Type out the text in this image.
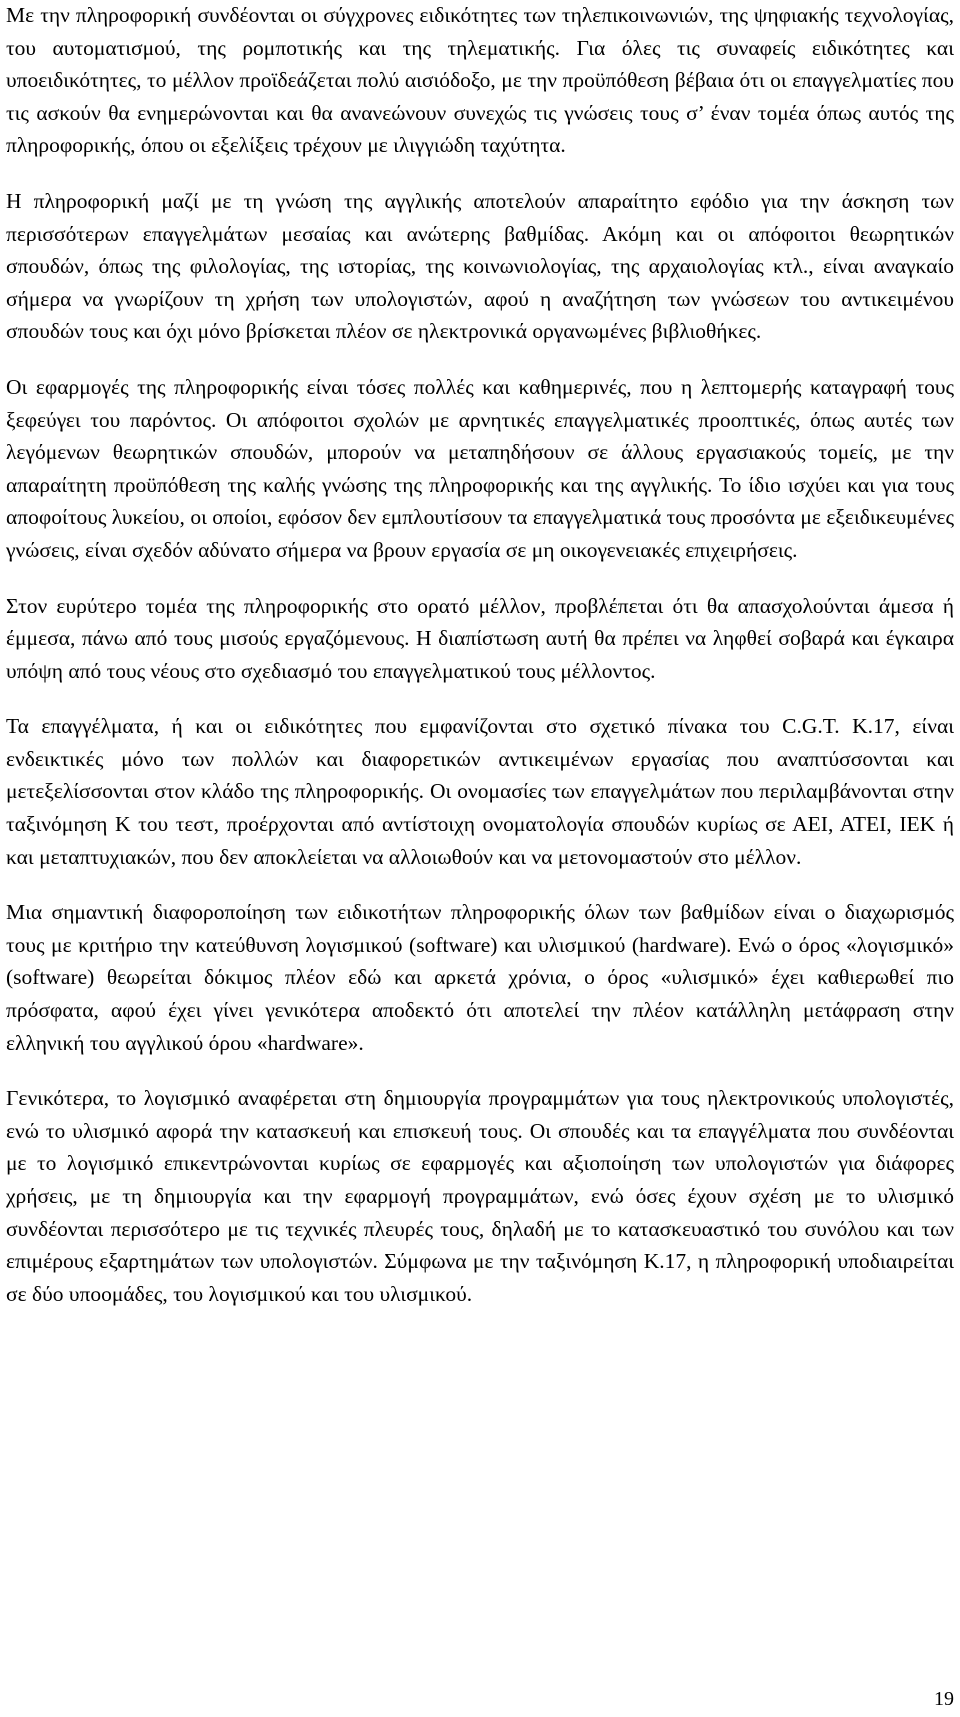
Με την πληροφορική συνδέονται οι σύγχρονες ειδικότητες των τηλεπικοινωνιών, της ψηφιακής τεχνολογίας, του αυτοματισμού, της ρομποτικής και της τηλεματικής. Για όλες τις συναφείς ειδικότητες και υποειδικότητες, το μέλλον προϊδεάζεται πολύ αισιόδοξο, με την προϋπόθεση βέβαια ότι οι επαγγελματίες που τις ασκούν θα ενημερώνονται και θα ανανεώνουν συνεχώς τις γνώσεις τους σ’ έναν τομέα όπως αυτός της πληροφορικής, όπου οι εξελίξεις τρέχουν με ιλιγγιώδη ταχύτητα.

Η πληροφορική μαζί με τη γνώση της αγγλικής αποτελούν απαραίτητο εφόδιο για την άσκηση των περισσότερων επαγγελμάτων μεσαίας και ανώτερης βαθμίδας. Ακόμη και οι απόφοιτοι θεωρητικών σπουδών, όπως της φιλολογίας, της ιστορίας, της κοινωνιολογίας, της αρχαιολογίας κτλ., είναι αναγκαίο σήμερα να γνωρίζουν τη χρήση των υπολογιστών, αφού η αναζήτηση των γνώσεων του αντικειμένου σπουδών τους και όχι μόνο βρίσκεται πλέον σε ηλεκτρονικά οργανωμένες βιβλιοθήκες.

Οι εφαρμογές της πληροφορικής είναι τόσες πολλές και καθημερινές, που η λεπτομερής καταγραφή τους ξεφεύγει του παρόντος. Οι απόφοιτοι σχολών με αρνητικές επαγγελματικές προοπτικές, όπως αυτές των λεγόμενων θεωρητικών σπουδών, μπορούν να μεταπηδήσουν σε άλλους εργασιακούς τομείς, με την απαραίτητη προϋπόθεση της καλής γνώσης της πληροφορικής και της αγγλικής. Το ίδιο ισχύει και για τους αποφοίτους λυκείου, οι οποίοι, εφόσον δεν εμπλουτίσουν τα επαγγελματικά τους προσόντα με εξειδικευμένες γνώσεις, είναι σχεδόν αδύνατο σήμερα να βρουν εργασία σε μη οικογενειακές επιχειρήσεις.

Στον ευρύτερο τομέα της πληροφορικής στο ορατό μέλλον, προβλέπεται ότι θα απασχολούνται άμεσα ή έμμεσα, πάνω από τους μισούς εργαζόμενους. Η διαπίστωση αυτή θα πρέπει να ληφθεί σοβαρά και έγκαιρα υπόψη από τους νέους στο σχεδιασμό του επαγγελματικού τους μέλλοντος.

Τα επαγγέλματα, ή και οι ειδικότητες που εμφανίζονται στο σχετικό πίνακα του C.G.T. Κ.17, είναι ενδεικτικές μόνο των πολλών και διαφορετικών αντικειμένων εργασίας που αναπτύσσονται και μετεξελίσσονται στον κλάδο της πληροφορικής. Οι ονομασίες των επαγγελμάτων που περιλαμβάνονται στην ταξινόμηση Κ του τεστ, προέρχονται από αντίστοιχη ονοματολογία σπουδών κυρίως σε ΑΕΙ, ΑΤΕΙ, ΙΕΚ ή και μεταπτυχιακών, που δεν αποκλείεται να αλλοιωθούν και να μετονομαστούν στο μέλλον.

Μια σημαντική διαφοροποίηση των ειδικοτήτων πληροφορικής όλων των βαθμίδων είναι ο διαχωρισμός τους με κριτήριο την κατεύθυνση λογισμικού (software) και υλισμικού (hardware). Ενώ ο όρος «λογισμικό» (software) θεωρείται δόκιμος πλέον εδώ και αρκετά χρόνια, ο όρος «υλισμικό» έχει καθιερωθεί πιο πρόσφατα, αφού έχει γίνει γενικότερα αποδεκτό ότι αποτελεί την πλέον κατάλληλη μετάφραση στην ελληνική του αγγλικού όρου «hardware».

Γενικότερα, το λογισμικό αναφέρεται στη δημιουργία προγραμμάτων για τους ηλεκτρονικούς υπολογιστές, ενώ το υλισμικό αφορά την κατασκευή και επισκευή τους. Οι σπουδές και τα επαγγέλματα που συνδέονται με το λογισμικό επικεντρώνονται κυρίως σε εφαρμογές και αξιοποίηση των υπολογιστών για διάφορες χρήσεις, με τη δημιουργία και την εφαρμογή προγραμμάτων, ενώ όσες έχουν σχέση με το υλισμικό συνδέονται περισσότερο με τις τεχνικές πλευρές τους, δηλαδή με το κατασκευαστικό του συνόλου και των επιμέρους εξαρτημάτων των υπολογιστών. Σύμφωνα με την ταξινόμηση Κ.17, η πληροφορική υποδιαιρείται σε δύο υποομάδες, του λογισμικού και του υλισμικού.

19
